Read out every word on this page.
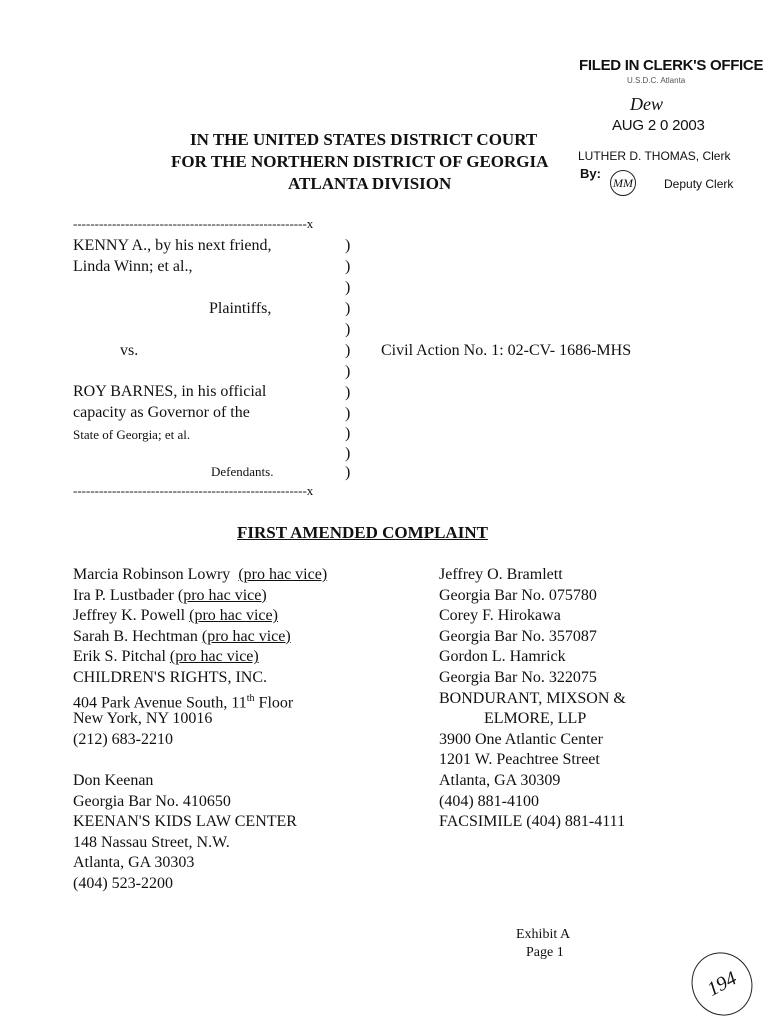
FILED IN CLERK'S OFFICE
U.S.D.C. Atlanta
Dew
AUG 2 0 2003
LUTHER D. THOMAS, Clerk
By:
MM	Deputy Clerk
IN THE UNITED STATES DISTRICT COURT
FOR THE NORTHERN DISTRICT OF GEORGIA
ATLANTA DIVISION
------------------------------------------------------x
KENNY A., by his next friend,
Linda Winn; et al.,
Plaintiffs,
vs.	Civil Action No. 1: 02-CV- 1686-MHS
ROY BARNES, in his official
capacity as Governor of the
State of Georgia; et al.
Defendants.
------------------------------------------------------x
)
)
)
)
)
)
)
)
)
)
)
)
FIRST AMENDED COMPLAINT
Marcia Robinson Lowry (pro hac vice)
Ira P. Lustbader (pro hac vice)
Jeffrey K. Powell (pro hac vice)
Sarah B. Hechtman (pro hac vice)
Erik S. Pitchal (pro hac vice)
CHILDREN'S RIGHTS, INC.
404 Park Avenue South, 11th Floor
New York, NY 10016
(212) 683-2210
Don Keenan
Georgia Bar No. 410650
KEENAN'S KIDS LAW CENTER
148 Nassau Street, N.W.
Atlanta, GA 30303
(404) 523-2200
Jeffrey O. Bramlett
Georgia Bar No. 075780
Corey F. Hirokawa
Georgia Bar No. 357087
Gordon L. Hamrick
Georgia Bar No. 322075
BONDURANT, MIXSON &
ELMORE, LLP
3900 One Atlantic Center
1201 W. Peachtree Street
Atlanta, GA 30309
(404) 881-4100
FACSIMILE (404) 881-4111
Exhibit A
Page 1
194
